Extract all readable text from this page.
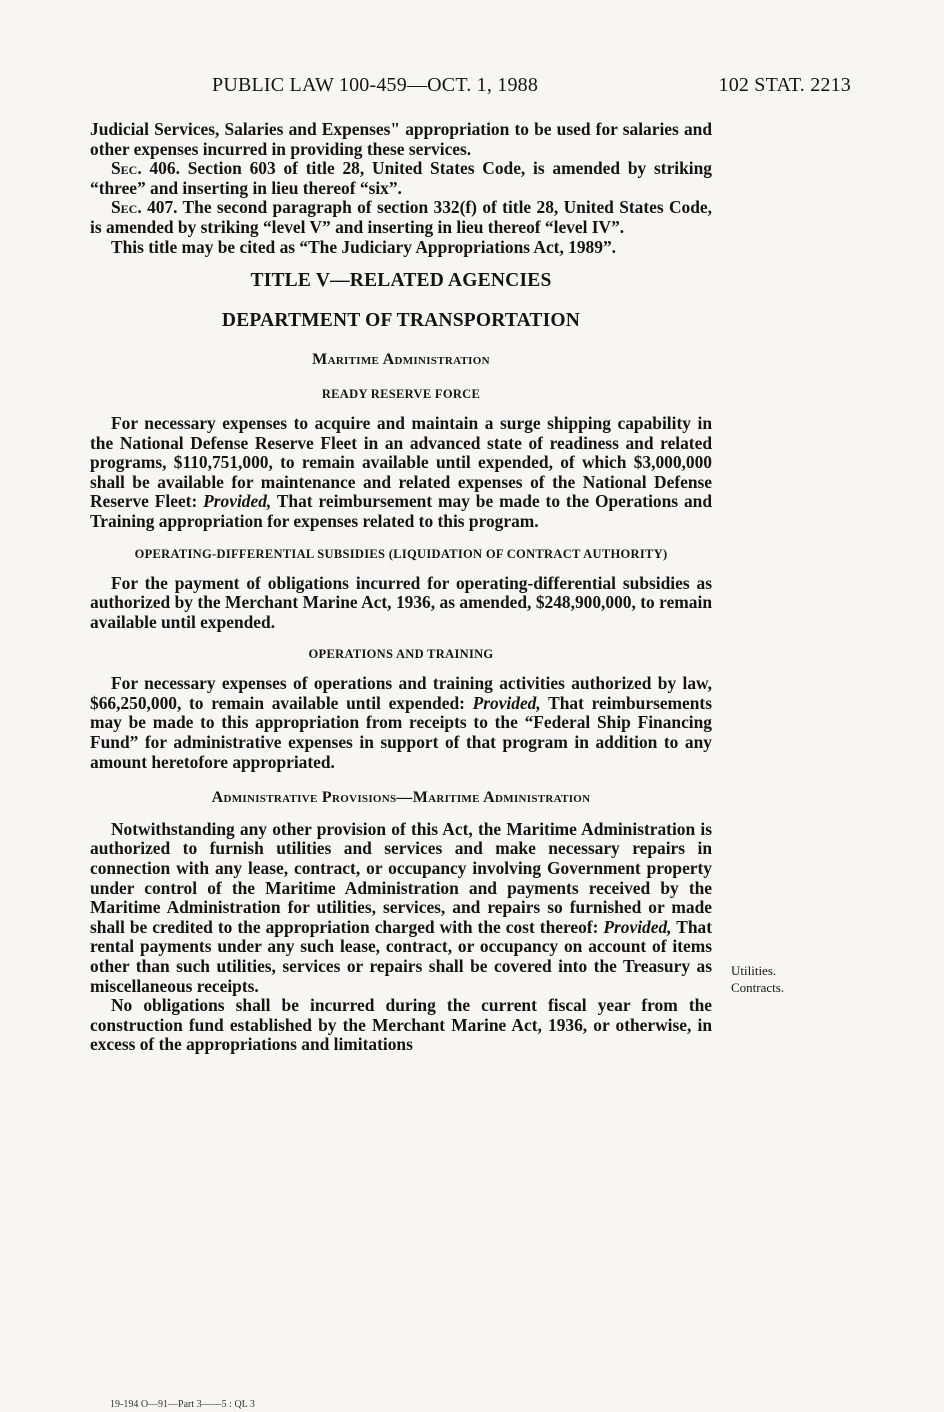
PUBLIC LAW 100-459—OCT. 1, 1988	102 STAT. 2213

Judicial Services, Salaries and Expenses" appropriation to be used for salaries and other expenses incurred in providing these services.

Sec. 406. Section 603 of title 28, United States Code, is amended by striking “three” and inserting in lieu thereof “six”.

Sec. 407. The second paragraph of section 332(f) of title 28, United States Code, is amended by striking “level V” and inserting in lieu thereof “level IV”.

This title may be cited as “The Judiciary Appropriations Act, 1989”.

TITLE V—RELATED AGENCIES

DEPARTMENT OF TRANSPORTATION

Maritime Administration

READY RESERVE FORCE

For necessary expenses to acquire and maintain a surge shipping capability in the National Defense Reserve Fleet in an advanced state of readiness and related programs, $110,751,000, to remain available until expended, of which $3,000,000 shall be available for maintenance and related expenses of the National Defense Reserve Fleet: Provided, That reimbursement may be made to the Operations and Training appropriation for expenses related to this program.

OPERATING-DIFFERENTIAL SUBSIDIES (LIQUIDATION OF CONTRACT AUTHORITY)

For the payment of obligations incurred for operating-differential subsidies as authorized by the Merchant Marine Act, 1936, as amended, $248,900,000, to remain available until expended.

OPERATIONS AND TRAINING

For necessary expenses of operations and training activities authorized by law, $66,250,000, to remain available until expended: Provided, That reimbursements may be made to this appropriation from receipts to the “Federal Ship Financing Fund” for administrative expenses in support of that program in addition to any amount heretofore appropriated.

Administrative Provisions—Maritime Administration

Notwithstanding any other provision of this Act, the Maritime Administration is authorized to furnish utilities and services and make necessary repairs in connection with any lease, contract, or occupancy involving Government property under control of the Maritime Administration and payments received by the Maritime Administration for utilities, services, and repairs so furnished or made shall be credited to the appropriation charged with the cost thereof: Provided, That rental payments under any such lease, contract, or occupancy on account of items other than such utilities, services or repairs shall be covered into the Treasury as miscellaneous receipts.

No obligations shall be incurred during the current fiscal year from the construction fund established by the Merchant Marine Act, 1936, or otherwise, in excess of the appropriations and limitations

Utilities.
Contracts.
19-194 O—91—Part 3——5 : QL 3
